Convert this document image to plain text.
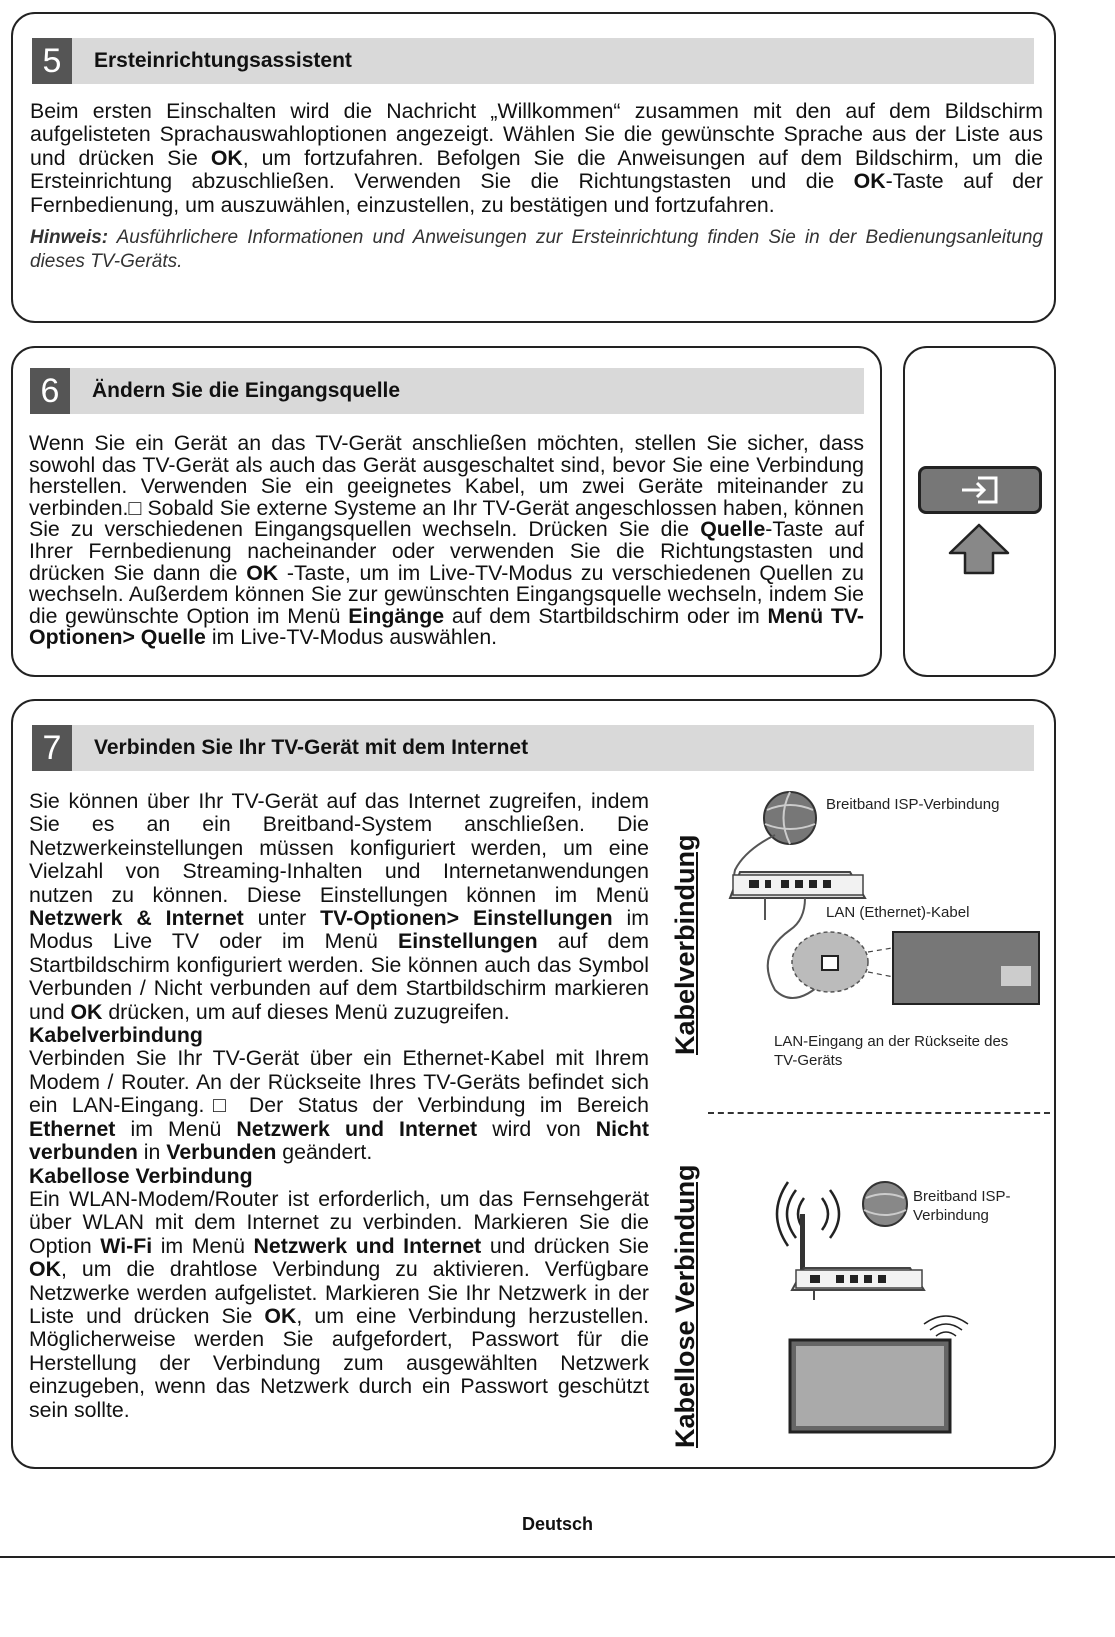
5	Ersteinrichtungsassistent

Beim ersten Einschalten wird die Nachricht „Willkommen“ zusammen mit den auf dem Bildschirm aufgelisteten Sprachauswahloptionen angezeigt. Wählen Sie die gewünschte Sprache aus der Liste aus und drücken Sie OK, um fortzufahren. Befolgen Sie die Anweisungen auf dem Bildschirm, um die Ersteinrichtung abzuschließen. Verwenden Sie die Richtungstasten und die OK-Taste auf der Fernbedienung, um auszuwählen, einzustellen, zu bestätigen und fortzufahren.

Hinweis: Ausführlichere Informationen und Anweisungen zur Ersteinrichtung finden Sie in der Bedienungsanleitung dieses TV-Geräts.

6	Ändern Sie die Eingangsquelle

Wenn Sie ein Gerät an das TV-Gerät anschließen möchten, stellen Sie sicher, dass sowohl das TV-Gerät als auch das Gerät ausgeschaltet sind, bevor Sie eine Verbindung herstellen. Verwenden Sie ein geeignetes Kabel, um zwei Geräte miteinander zu verbinden.□ Sobald Sie externe Systeme an Ihr TV-Gerät angeschlossen haben, können Sie zu verschiedenen Eingangsquellen wechseln. Drücken Sie die Quelle-Taste auf Ihrer Fernbedienung nacheinander oder verwenden Sie die Richtungstasten und drücken Sie dann die OK -Taste, um im Live-TV-Modus zu verschiedenen Quellen zu wechseln. Außerdem können Sie zur gewünschten Eingangsquelle wechseln, indem Sie die gewünschte Option im Menü Eingänge auf dem Startbildschirm oder im Menü TV-Optionen> Quelle im Live-TV-Modus auswählen.

7	Verbinden Sie Ihr TV-Gerät mit dem Internet

Sie können über Ihr TV-Gerät auf das Internet zugreifen, indem Sie es an ein Breitband-System anschließen. Die Netzwerkeinstellungen müssen konfiguriert werden, um eine Vielzahl von Streaming-Inhalten und Internetanwendungen nutzen zu können. Diese Einstellungen können im Menü Netzwerk & Internet unter TV-Optionen> Einstellungen im Modus Live TV oder im Menü Einstellungen auf dem Startbildschirm konfiguriert werden. Sie können auch das Symbol Verbunden / Nicht verbunden auf dem Startbildschirm markieren und OK drücken, um auf dieses Menü zuzugreifen.
Kabelverbindung
Verbinden Sie Ihr TV-Gerät über ein Ethernet-Kabel mit Ihrem Modem / Router. An der Rückseite Ihres TV-Geräts befindet sich ein LAN-Eingang.□ Der Status der Verbindung im Bereich Ethernet im Menü Netzwerk und Internet wird von Nicht verbunden in Verbunden geändert.
Kabellose Verbindung
Ein WLAN-Modem/Router ist erforderlich, um das Fernsehgerät über WLAN mit dem Internet zu verbinden. Markieren Sie die Option Wi-Fi im Menü Netzwerk und Internet und drücken Sie OK, um die drahtlose Verbindung zu aktivieren. Verfügbare Netzwerke werden aufgelistet. Markieren Sie Ihr Netzwerk in der Liste und drücken Sie OK, um eine Verbindung herzustellen. Möglicherweise werden Sie aufgefordert, Passwort für die Herstellung der Verbindung zum ausgewählten Netzwerk einzugeben, wenn das Netzwerk durch ein Passwort geschützt sein sollte.

Kabelverbindung
Kabellose Verbindung
Breitband ISP-Verbindung
LAN (Ethernet)-Kabel
LAN-Eingang an der Rückseite des TV-Geräts
Breitband ISP-Verbindung
Deutsch
